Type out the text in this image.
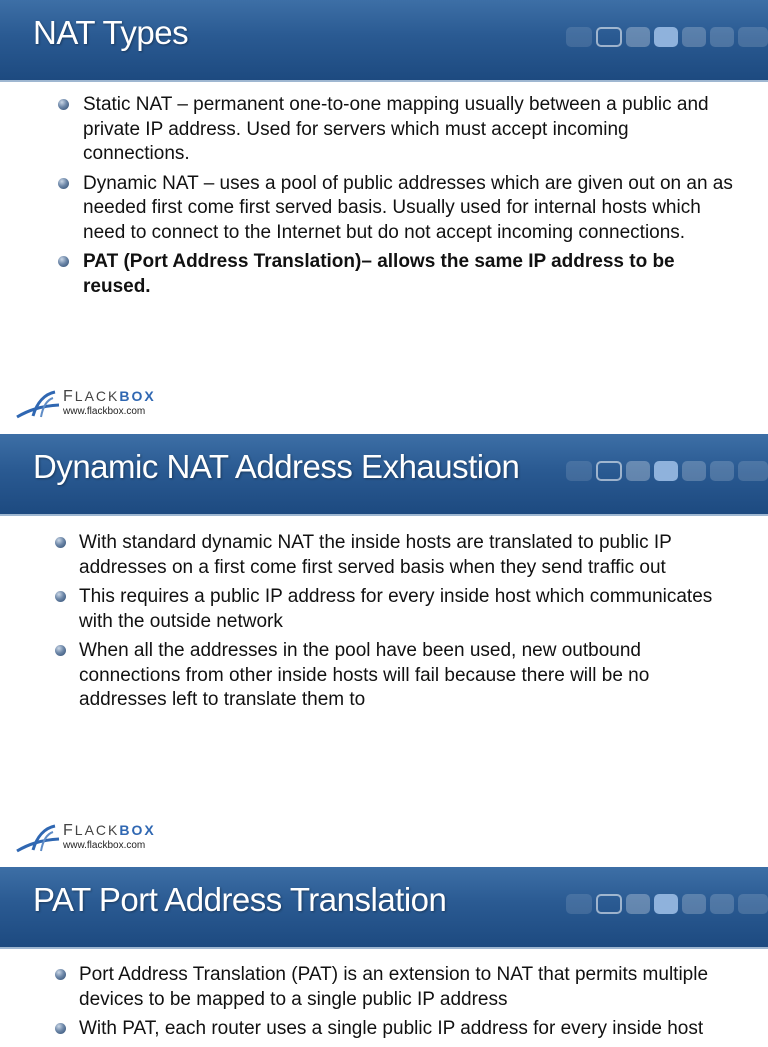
NAT Types
Static NAT – permanent one-to-one mapping usually between a public and private IP address. Used for servers which must accept incoming connections.
Dynamic NAT – uses a pool of public addresses which are given out on an as needed first come first served basis. Usually used for internal hosts which need to connect to the Internet but do not accept incoming connections.
PAT (Port Address Translation)– allows the same IP address to be reused.
FLACKBOX
www.flackbox.com
Dynamic NAT Address Exhaustion
With standard dynamic NAT the inside hosts are translated to public IP addresses on a first come first served basis when they send traffic out
This requires a public IP address for every inside host which communicates with the outside network
When all the addresses in the pool have been used, new outbound connections from other inside hosts will fail because there will be no addresses left to translate them to
FLACKBOX
www.flackbox.com
PAT Port Address Translation
Port Address Translation (PAT) is an extension to NAT that permits multiple devices to be mapped to a single public IP address
With PAT, each router uses a single public IP address for every inside host
